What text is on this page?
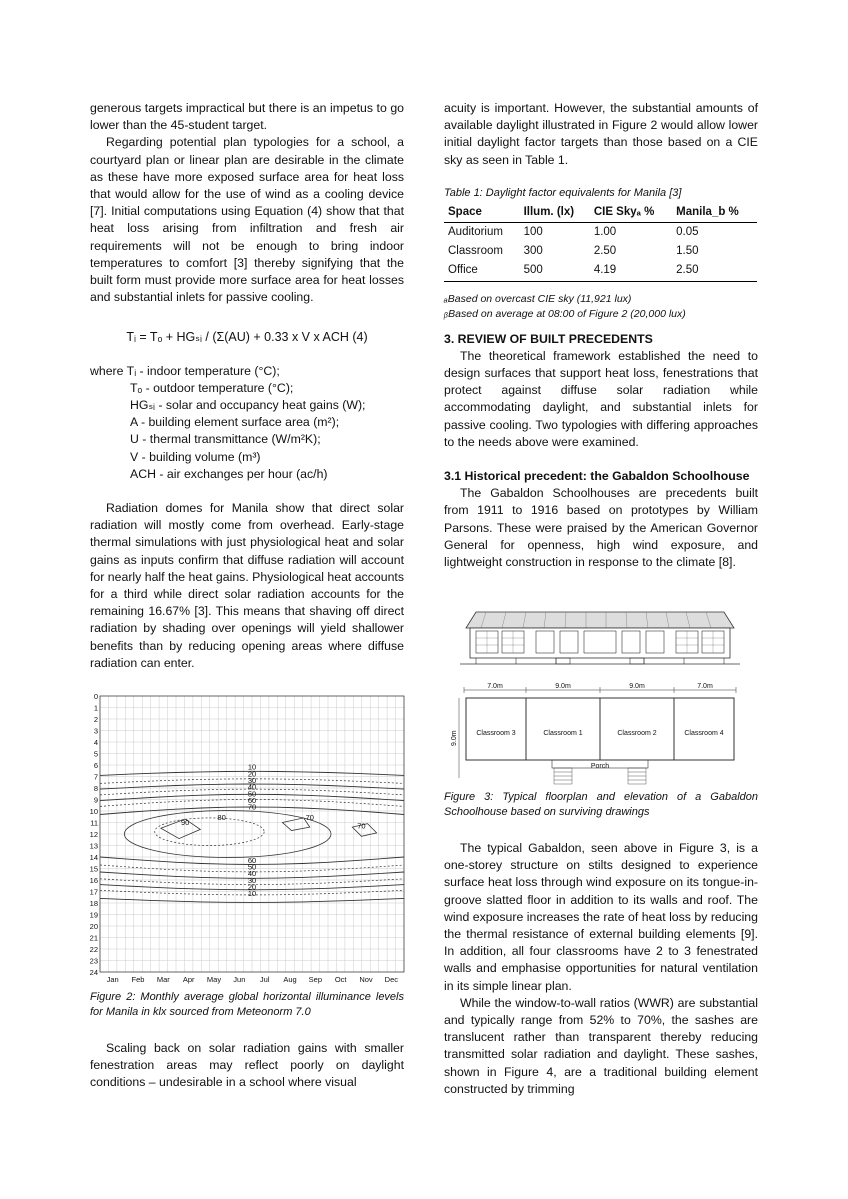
generous targets impractical but there is an impetus to go lower than the 45-student target.

Regarding potential plan typologies for a school, a courtyard plan or linear plan are desirable in the climate as these have more exposed surface area for heat loss that would allow for the use of wind as a cooling device [7]. Initial computations using Equation (4) show that that heat loss arising from infiltration and fresh air requirements will not be enough to bring indoor temperatures to comfort [3] thereby signifying that the built form must provide more surface area for heat losses and substantial inlets for passive cooling.

Tᵢ = Tₒ + HGₛᵢ / (Σ(AU) + 0.33 x V x ACH (4)
where Tᵢ - indoor temperature (°C);
Tₒ - outdoor temperature (°C);
HGₛᵢ - solar and occupancy heat gains (W);
A - building element surface area (m²);
U - thermal transmittance (W/m²K);
V - building volume (m³)
ACH - air exchanges per hour (ac/h)

Radiation domes for Manila show that direct solar radiation will mostly come from overhead. Early-stage thermal simulations with just physiological heat and solar gains as inputs confirm that diffuse radiation will account for nearly half the heat gains. Physiological heat accounts for a third while direct solar radiation accounts for the remaining 16.67% [3]. This means that shaving off direct radiation by shading over openings will yield shallower benefits than by reducing opening areas where diffuse radiation can enter.

0
1
2
3
4
5
6
7
8
9
10
11
12
13
14
15
16
17
18
19
20
21
22
23
24
Jan Feb Mar Apr May Jun Jul Aug Sep Oct Nov Dec
10
20
30
40
50
60
70
60
50
40
30
20
10
90
80	70
70
Figure 2: Monthly average global horizontal illuminance levels for Manila in klx sourced from Meteonorm 7.0

Scaling back on solar radiation gains with smaller fenestration areas may reflect poorly on daylight conditions – undesirable in a school where visual

acuity is important. However, the substantial amounts of available daylight illustrated in Figure 2 would allow lower initial daylight factor targets than those based on a CIE sky as seen in Table 1.

Table 1: Daylight factor equivalents for Manila [3]
Space	Illum. (lx)	CIE Skyₐ %	Manila_b %
Auditorium	100	1.00	0.05
Classroom	300	2.50	1.50
Office	500	4.19	2.50
ₐBased on overcast CIE sky (11,921 lux)
ᵦBased on average at 08:00 of Figure 2 (20,000 lux)
3. REVIEW OF BUILT PRECEDENTS

The theoretical framework established the need to design surfaces that support heat loss, fenestrations that protect against diffuse solar radiation while accommodating daylight, and substantial inlets for passive cooling. Two typologies with differing approaches to the needs above were examined.

3.1 Historical precedent: the Gabaldon Schoolhouse

The Gabaldon Schoolhouses are precedents built from 1911 to 1916 based on prototypes by William Parsons. These were praised by the American Governor General for openness, high wind exposure, and lightweight construction in response to the climate [8].

7.0m	9.0m	9.0m	7.0m
Classroom 3	Classroom 1	Classroom 2	Classroom 4
9.0m
Porch
Figure 3: Typical floorplan and elevation of a Gabaldon Schoolhouse based on surviving drawings

The typical Gabaldon, seen above in Figure 3, is a one-storey structure on stilts designed to experience surface heat loss through wind exposure on its tongue-in-groove slatted floor in addition to its walls and roof. The wind exposure increases the rate of heat loss by reducing the thermal resistance of external building elements [9]. In addition, all four classrooms have 2 to 3 fenestrated walls and emphasise opportunities for natural ventilation in its simple linear plan.

While the window-to-wall ratios (WWR) are substantial and typically range from 52% to 70%, the sashes are translucent rather than transparent thereby reducing transmitted solar radiation and daylight. These sashes, shown in Figure 4, are a traditional building element constructed by trimming
